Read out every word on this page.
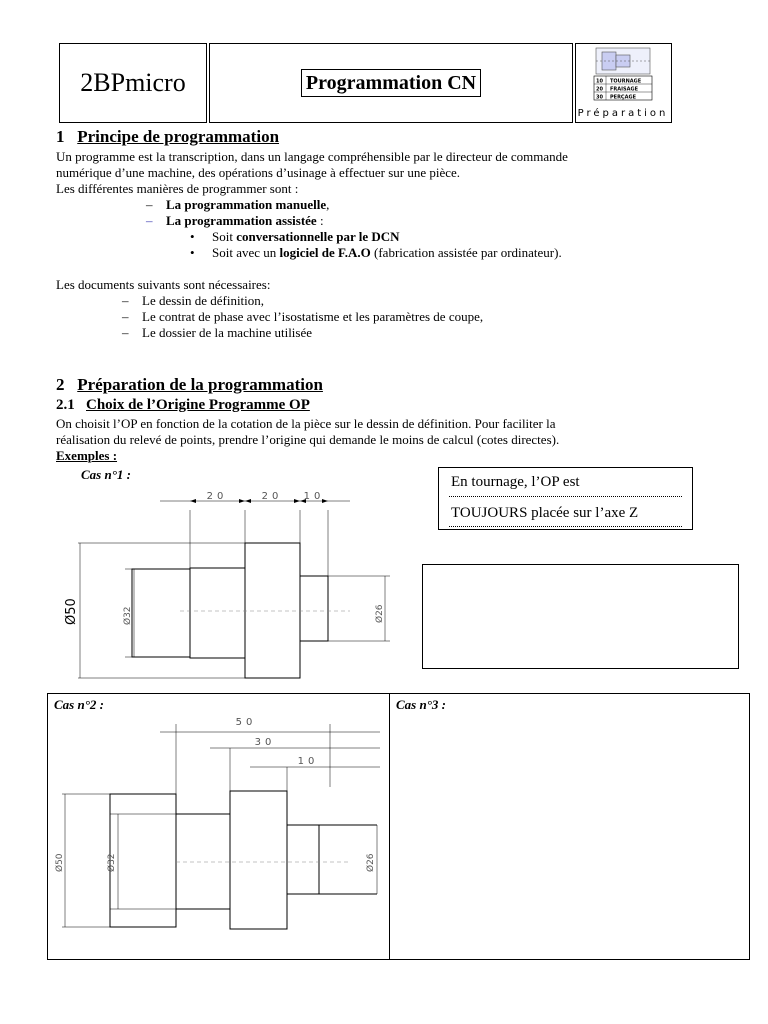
2BPmicro	Programmation CN	10 TOURNAGE
20 FRAISAGE
30 PERÇAGE
Préparation
1 Principe de programmation
Un programme est la transcription, dans un langage compréhensible par le directeur de commande
numérique d’une machine, des opérations d’usinage à effectuer sur une pièce.
Les différentes manières de programmer sont :
– La programmation manuelle,
– La programmation assistée :
• Soit conversationnelle par le DCN
• Soit avec un logiciel de F.A.O (fabrication assistée par ordinateur).
Les documents suivants sont nécessaires:
– Le dessin de définition,
– Le contrat de phase avec l’isostatisme et les paramètres de coupe,
– Le dossier de la machine utilisée
2 Préparation de la programmation
2.1 Choix de l’Origine Programme OP
On choisit l’OP en fonction de la cotation de la pièce sur le dessin de définition. Pour faciliter la
réalisation du relevé de points, prendre l’origine qui demande le moins de calcul (cotes directes).
Exemples :
Cas n°1 :	En tournage, l’OP est
TOUJOURS placée sur l’axe Z
20	20 10
Ø50	Ø32	Ø26
Cas n°2 :	Cas n°3 :
50
30
10
Ø50	Ø32	Ø26
